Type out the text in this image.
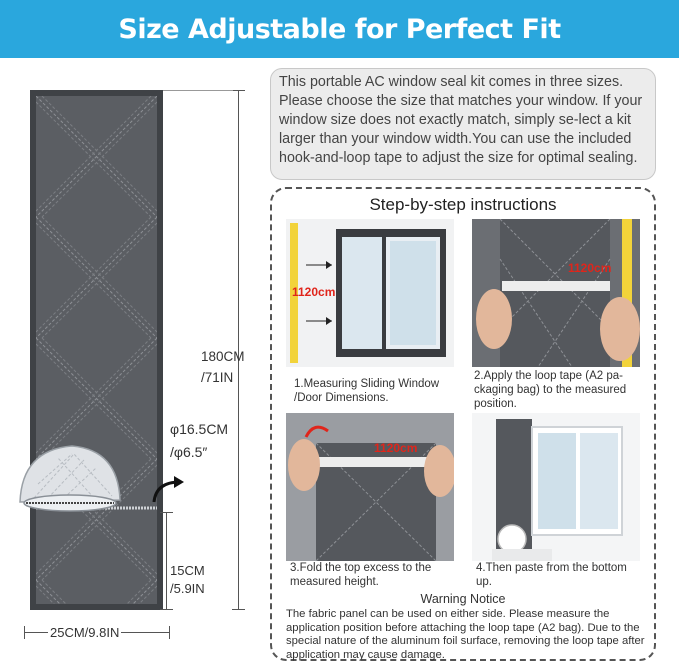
Size Adjustable for Perfect Fit
180CM
/71IN
φ16.5CM
/φ6.5″
15CM
/5.9IN
25CM/9.8IN
This portable AC window seal kit comes in three sizes. Please choose the size that matches your window. If your window size does not exactly match, simply se-lect a kit larger than your window width.You can use the included hook-and-loop tape to adjust the size for optimal sealing.
Step-by-step instructions
1120cm
1.Measuring Sliding Window /Door Dimensions.
1120cm
2.Apply the loop tape (A2 pa-ckaging bag) to the measured position.
1120cm
3.Fold the top excess to the measured height.
4.Then paste from the bottom up.
Warning Notice
The fabric panel can be used on either side. Please measure the application position before attaching the loop tape (A2 bag). Due to the special nature of the aluminum foil surface, removing the loop tape after application may cause damage.
